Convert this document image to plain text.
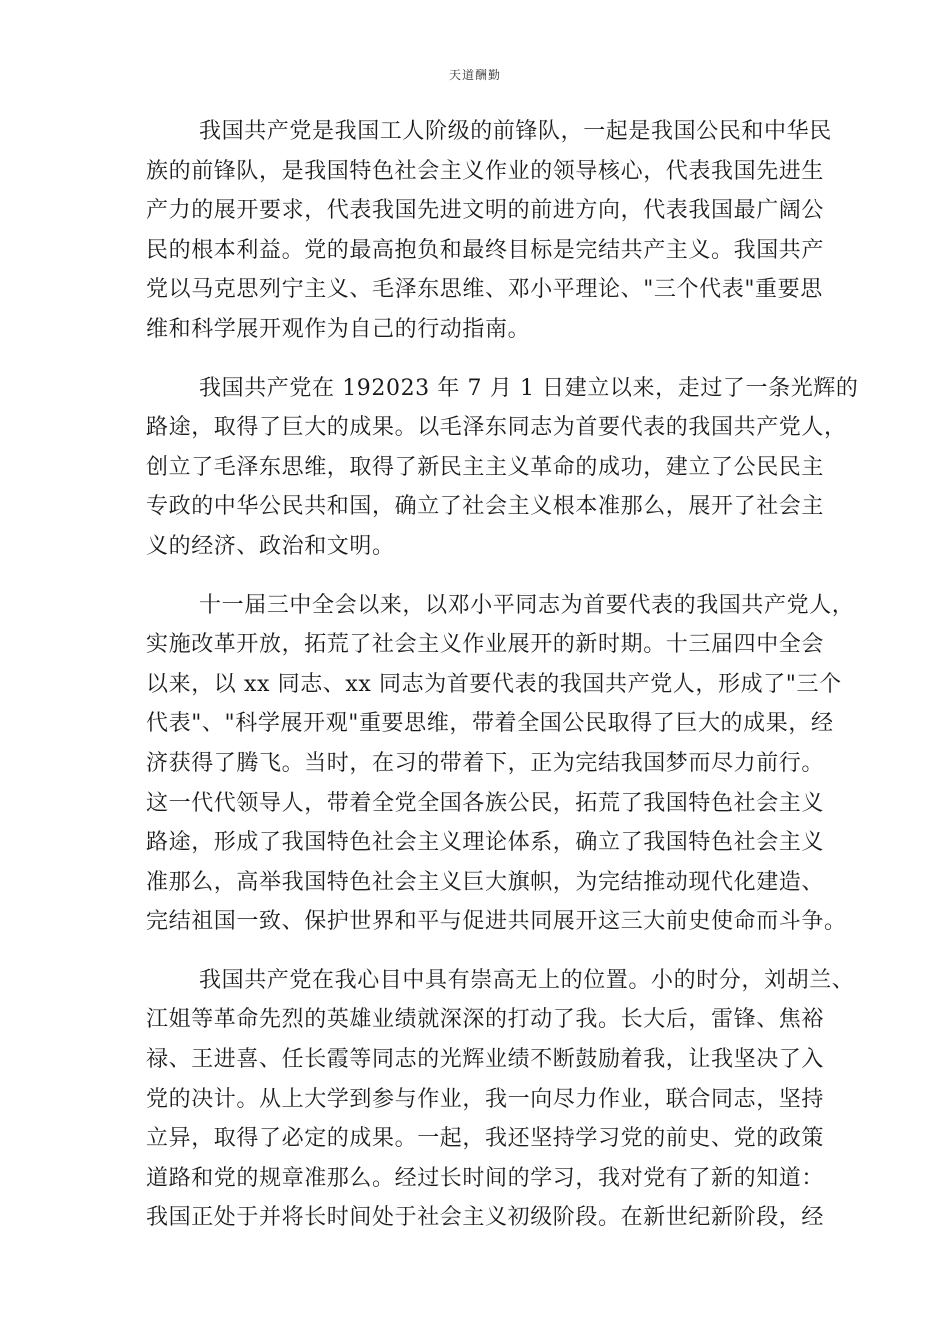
天道酬勤
我国共产党是我国工人阶级的前锋队，一起是我国公民和中华民
族的前锋队，是我国特色社会主义作业的领导核心，代表我国先进生
产力的展开要求，代表我国先进文明的前进方向，代表我国最广阔公
民的根本利益。党的最高抱负和最终目标是完结共产主义。我国共产
党以马克思列宁主义、毛泽东思维、邓小平理论、"三个代表"重要思
维和科学展开观作为自己的行动指南。
我国共产党在 192023 年 7 月 1 日建立以来，走过了一条光辉的
路途，取得了巨大的成果。以毛泽东同志为首要代表的我国共产党人，
创立了毛泽东思维，取得了新民主主义革命的成功，建立了公民民主
专政的中华公民共和国，确立了社会主义根本准那么，展开了社会主
义的经济、政治和文明。
十一届三中全会以来，以邓小平同志为首要代表的我国共产党人，
实施改革开放，拓荒了社会主义作业展开的新时期。十三届四中全会
以来，以 xx 同志、xx 同志为首要代表的我国共产党人，形成了"三个
代表"、"科学展开观"重要思维，带着全国公民取得了巨大的成果，经
济获得了腾飞。当时，在习的带着下，正为完结我国梦而尽力前行。
这一代代领导人，带着全党全国各族公民，拓荒了我国特色社会主义
路途，形成了我国特色社会主义理论体系，确立了我国特色社会主义
准那么，高举我国特色社会主义巨大旗帜，为完结推动现代化建造、
完结祖国一致、保护世界和平与促进共同展开这三大前史使命而斗争。
我国共产党在我心目中具有崇高无上的位置。小的时分，刘胡兰、
江姐等革命先烈的英雄业绩就深深的打动了我。长大后，雷锋、焦裕
禄、王进喜、任长霞等同志的光辉业绩不断鼓励着我，让我坚决了入
党的决计。从上大学到参与作业，我一向尽力作业，联合同志，坚持
立异，取得了必定的成果。一起，我还坚持学习党的前史、党的政策
道路和党的规章准那么。经过长时间的学习，我对党有了新的知道：
我国正处于并将长时间处于社会主义初级阶段。在新世纪新阶段，经
